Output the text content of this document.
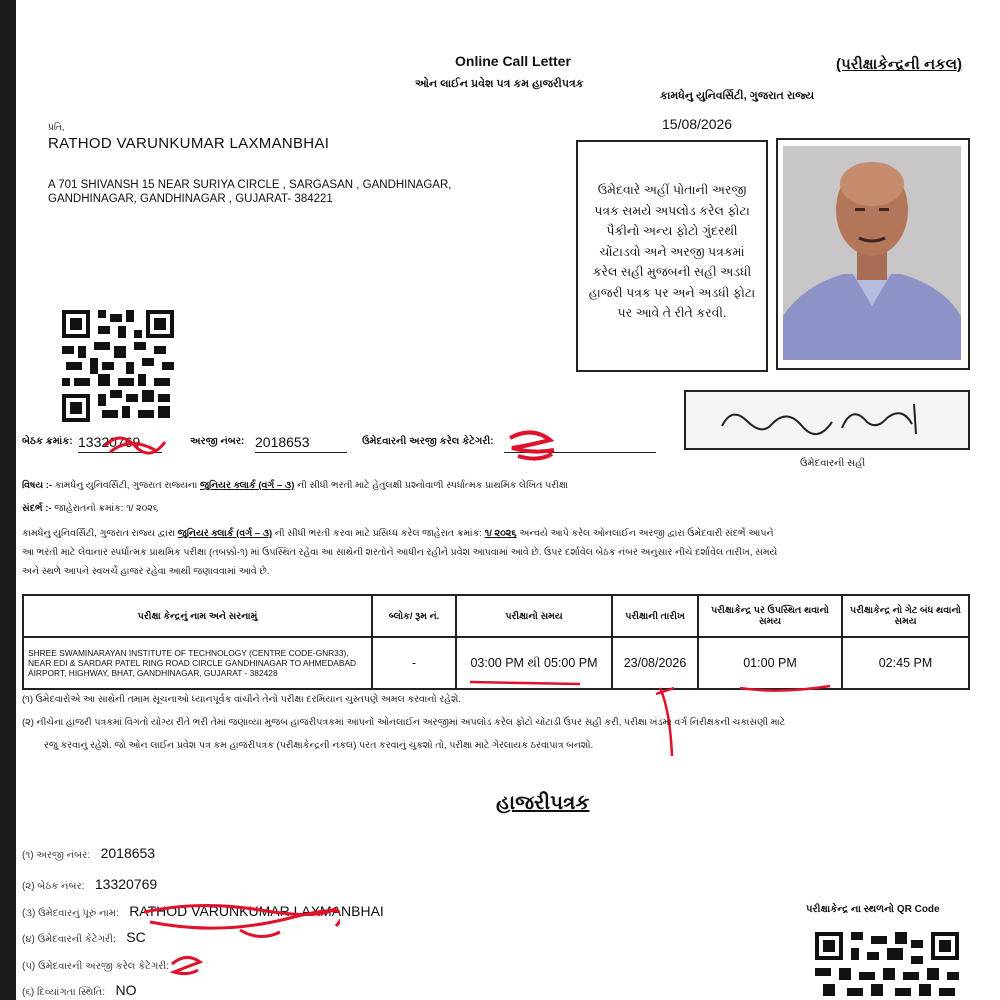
Online Call Letter
ઓન લાઈન પ્રવેશ પત્ર કમ હાજરીપત્રક
(પરીક્ષાકેન્દ્રની નકલ)
કામધેનુ યુનિવર્સિટી, ગુજરાત રાજ્ય
15/08/2026
પ્રતિ,
RATHOD VARUNKUMAR LAXMANBHAI
A 701 SHIVANSH 15 NEAR SURIYA CIRCLE , SARGASAN , GANDHINAGAR,
GANDHINAGAR, GANDHINAGAR , GUJARAT- 384221
ઉમેદવારે અહીં પોતાની અરજી
પત્રક સમયે અપલોડ કરેલ ફોટા
પૈકીનો અન્ય ફોટો ગુંદરથી
ચોંટાડવો અને અરજી પત્રકમાં
કરેલ સહી મુજબની સહી અડધી
હાજરી પત્રક પર અને અડધી ફોટા
પર આવે તે રીતે કરવી.
ઉમેદવારની સહી
બેઠક ક્રમાંક: 13320769	અરજી નંબર: 2018653	ઉમેદવારની અરજી કરેલ કેટેગરી:
વિષય :- કામધેનુ યુનિવર્સિટી, ગુજરાત રાજ્યના જુનિયર ક્લાર્ક (વર્ગ – ૩) ની સીધી ભરતી માટે હેતુલક્ષી પ્રશ્નોવાળી સ્પર્ધાત્મક પ્રાથમિક લેખિત પરીક્ષા
સંદર્ભ :- જાહેરાતનો ક્રમાંક: ૧/ ૨૦૨૬
કામધેનુ યુનિવર્સિટી, ગુજરાત રાજ્ય દ્વારા જુનિયર ક્લાર્ક (વર્ગ – ૩) ની સીધી ભરતી કરવા માટે પ્રસિધ્ધ કરેલ જાહેરાત ક્રમાંક: ૧/ ૨૦૨૬ અન્વયે આપે કરેલ ઓનલાઈન અરજી દ્વારા ઉમેદવારી સંદર્ભે આપને
આ ભરતી માટે લેવાનાર સ્પર્ધાત્મક પ્રાથમિક પરીક્ષા (તબક્કો-૧) માં ઉપસ્થિત રહેવા આ સાથેની શરતોને આધીન રહીને પ્રવેશ આપવામાં આવે છે. ઉપર દર્શાવેલ બેઠક નંબર અનુસાર નીચે દર્શાવેલ તારીખ, સમયે
અને સ્થળે આપને સ્વખર્ચે હાજર રહેવા આથી જણાવવામાં આવે છે.
પરીક્ષા કેન્દ્રનું નામ અને સરનામું	બ્લોક/ રૂમ નં.	પરીક્ષાનો સમય	પરીક્ષાની તારીખ	પરીક્ષાકેન્દ્ર પર ઉપસ્થિત થવાનો સમય	પરીક્ષાકેન્દ્ર નો ગેટ બંધ થવાનો સમય
SHREE SWAMINARAYAN INSTITUTE OF TECHNOLOGY (CENTRE CODE-GNR33), NEAR EDI & SARDAR PATEL RING ROAD CIRCLE GANDHINAGAR TO AHMEDABAD AIRPORT, HIGHWAY, BHAT, GANDHINAGAR, GUJARAT - 382428	-	03:00 PM થી 05:00 PM	23/08/2026	01:00 PM	02:45 PM
(૧) ઉમેદવારોએ આ સાથેની તમામ સૂચનાઓ ધ્યાનપૂર્વક વાંચીને તેનો પરીક્ષા દરમિયાન ચુસ્તપણે અમલ કરવાનો રહેશે.
(૨) નીચેના હાજરી પત્રકમાં વિગતો યોગ્ય રીતે ભરી તેમાં જણાવ્યા મુજબ હાજરીપત્રકમાં આપનો ઓનલાઈન અરજીમાં અપલોડ કરેલ ફોટો ચોંટાડી ઉપર સહી કરી, પરીક્ષા ખંડમાં વર્ગ નિરીક્ષકની ચકાસણી માટે
રજુ કરવાનું રહેશે. જો ઓન લાઈન પ્રવેશ પત્ર કમ હાજરીપત્રક (પરીક્ષાકેન્દ્રની નકલ) પરત કરવાનું ચુકશો તો, પરીક્ષા માટે ગેરલાયક ઠરવાપાત્ર બનશો.
હાજરીપત્રક
(૧) અરજી નંબર: 2018653
(૨) બેઠક નંબર: 13320769
(૩) ઉમેદવારનું પૂરું નામ: RATHOD VARUNKUMAR LAXMANBHAI
(૪) ઉમેદવારની કેટેગરી: SC
(૫) ઉમેદવારની અરજી કરેલ કેટેગરી:
(૬) દિવ્યાંગતા સ્થિતિ: NO
પરીક્ષાકેન્દ્ર ના સ્થળનો QR Code
